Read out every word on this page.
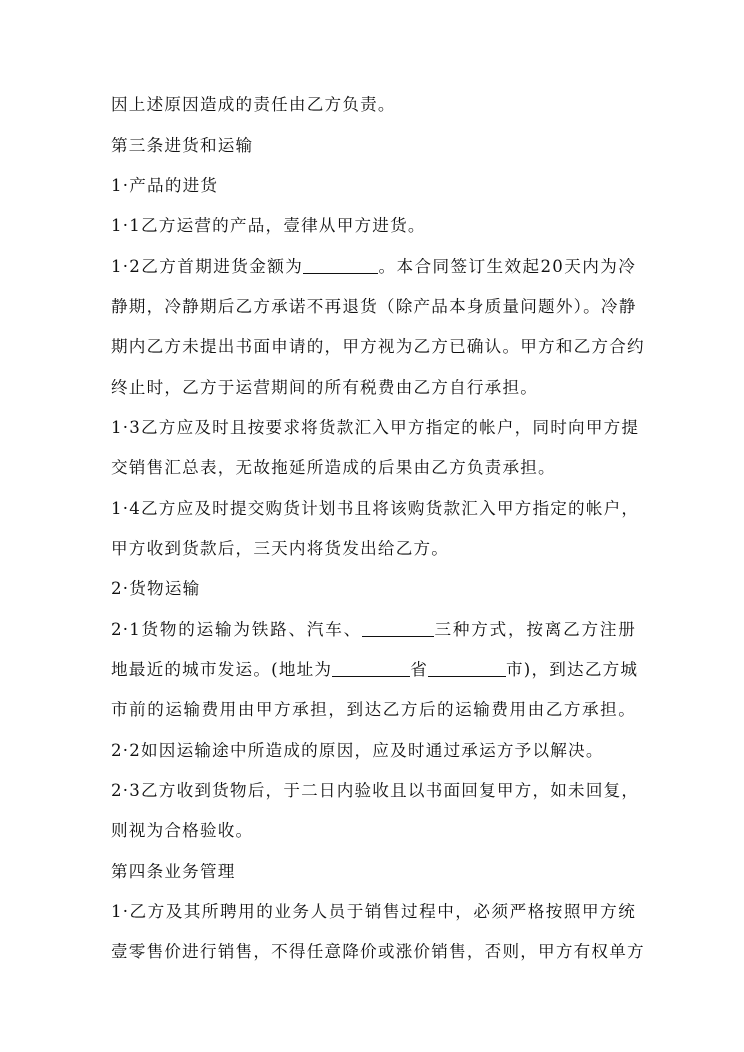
因上述原因造成的责任由乙方负责。
第三条进货和运输
1·产品的进货
1·1乙方运营的产品，壹律从甲方进货。
1·2乙方首期进货金额为	。本合同签订生效起20天内为冷
静期，冷静期后乙方承诺不再退货（除产品本身质量问题外）。冷静
期内乙方未提出书面申请的，甲方视为乙方已确认。甲方和乙方合约
终止时，乙方于运营期间的所有税费由乙方自行承担。
1·3乙方应及时且按要求将货款汇入甲方指定的帐户，同时向甲方提
交销售汇总表，无故拖延所造成的后果由乙方负责承担。
1·4乙方应及时提交购货计划书且将该购货款汇入甲方指定的帐户，
甲方收到货款后，三天内将货发出给乙方。
2·货物运输
2·1货物的运输为铁路、汽车、	三种方式，按离乙方注册
地最近的城市发运。(地址为	省	市)，到达乙方城
市前的运输费用由甲方承担，到达乙方后的运输费用由乙方承担。
2·2如因运输途中所造成的原因，应及时通过承运方予以解决。
2·3乙方收到货物后，于二日内验收且以书面回复甲方，如未回复，
则视为合格验收。
第四条业务管理
1·乙方及其所聘用的业务人员于销售过程中，必须严格按照甲方统
壹零售价进行销售，不得任意降价或涨价销售，否则，甲方有权单方
